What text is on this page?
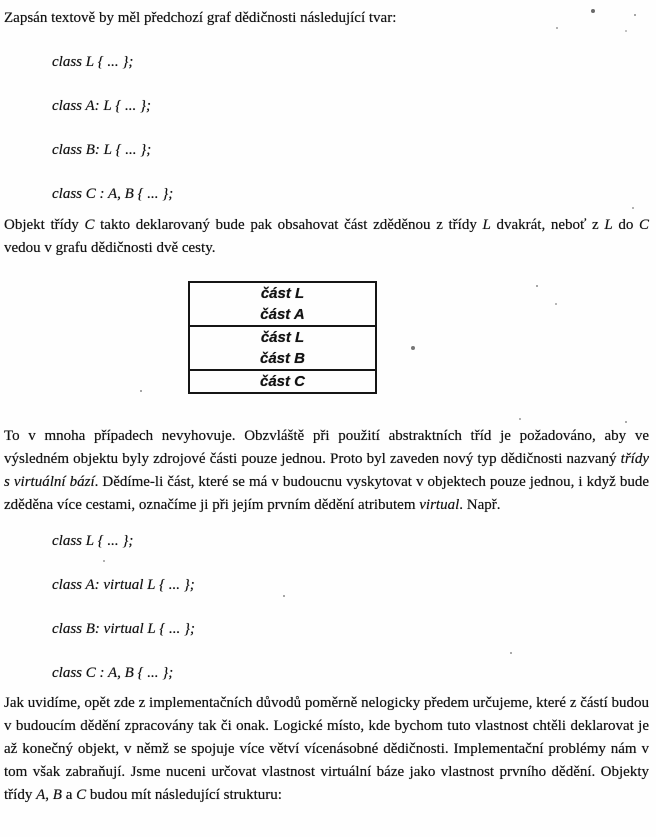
Zapsán textově by měl předchozí graf dědičnosti následující tvar:

class L { ... };

class A: L { ... };

class B: L { ... };

class C : A, B { ... };

Objekt třídy C takto deklarovaný bude pak obsahovat část zděděnou z třídy L dvakrát, neboť z L do C vedou v grafu dědičnosti dvě cesty.

část L
část A
část L
část B
část C

To v mnoha případech nevyhovuje. Obzvláště při použití abstraktních tříd je požadováno, aby ve výsledném objektu byly zdrojové části pouze jednou. Proto byl zaveden nový typ dědičnosti nazvaný třídy s virtuální bází. Dědíme-li část, které se má v budoucnu vyskytovat v objektech pouze jednou, i když bude zděděna více cestami, označíme ji při jejím prvním dědění atributem virtual. Např.

class L { ... };

class A: virtual L { ... };

class B: virtual L { ... };

class C : A, B { ... };

Jak uvidíme, opět zde z implementačních důvodů poměrně nelogicky předem určujeme, které z částí budou v budoucím dědění zpracovány tak či onak. Logické místo, kde bychom tuto vlastnost chtěli deklarovat je až konečný objekt, v němž se spojuje více větví vícenásobné dědičnosti. Implementační problémy nám v tom však zabraňují. Jsme nuceni určovat vlastnost virtuální báze jako vlastnost prvního dědění. Objekty třídy A, B a C budou mít následující strukturu:
